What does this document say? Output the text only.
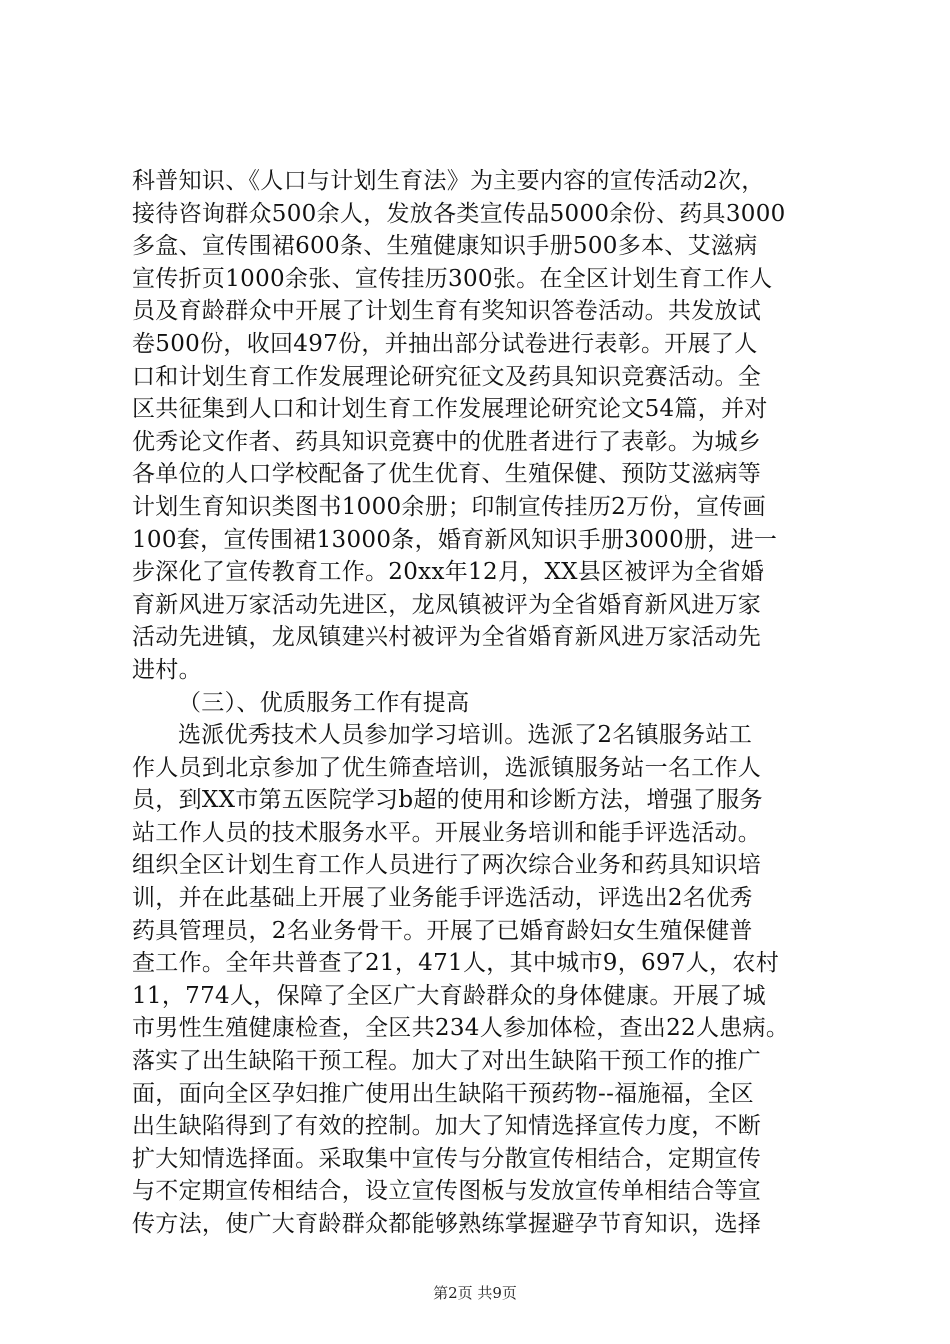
科普知识、《人口与计划生育法》为主要内容的宣传活动2次，
接待咨询群众500余人，发放各类宣传品5000余份、药具3000
多盒、宣传围裙600条、生殖健康知识手册500多本、艾滋病
宣传折页1000余张、宣传挂历300张。在全区计划生育工作人
员及育龄群众中开展了计划生育有奖知识答卷活动。共发放试
卷500份，收回497份，并抽出部分试卷进行表彰。开展了人
口和计划生育工作发展理论研究征文及药具知识竞赛活动。全
区共征集到人口和计划生育工作发展理论研究论文54篇，并对
优秀论文作者、药具知识竞赛中的优胜者进行了表彰。为城乡
各单位的人口学校配备了优生优育、生殖保健、预防艾滋病等
计划生育知识类图书1000余册；印制宣传挂历2万份，宣传画
100套，宣传围裙13000条，婚育新风知识手册3000册，进一
步深化了宣传教育工作。20xx年12月，XX县区被评为全省婚
育新风进万家活动先进区，龙凤镇被评为全省婚育新风进万家
活动先进镇，龙凤镇建兴村被评为全省婚育新风进万家活动先
进村。
（三）、优质服务工作有提高
选派优秀技术人员参加学习培训。选派了2名镇服务站工
作人员到北京参加了优生筛查培训，选派镇服务站一名工作人
员，到XX市第五医院学习b超的使用和诊断方法，增强了服务
站工作人员的技术服务水平。开展业务培训和能手评选活动。
组织全区计划生育工作人员进行了两次综合业务和药具知识培
训，并在此基础上开展了业务能手评选活动，评选出2名优秀
药具管理员，2名业务骨干。开展了已婚育龄妇女生殖保健普
查工作。全年共普查了21，471人，其中城市9，697人，农村
11，774人，保障了全区广大育龄群众的身体健康。开展了城
市男性生殖健康检查，全区共234人参加体检，查出22人患病。
落实了出生缺陷干预工程。加大了对出生缺陷干预工作的推广
面，面向全区孕妇推广使用出生缺陷干预药物--福施福，全区
出生缺陷得到了有效的控制。加大了知情选择宣传力度，不断
扩大知情选择面。采取集中宣传与分散宣传相结合，定期宣传
与不定期宣传相结合，设立宣传图板与发放宣传单相结合等宣
传方法，使广大育龄群众都能够熟练掌握避孕节育知识，选择
第2页 共9页
